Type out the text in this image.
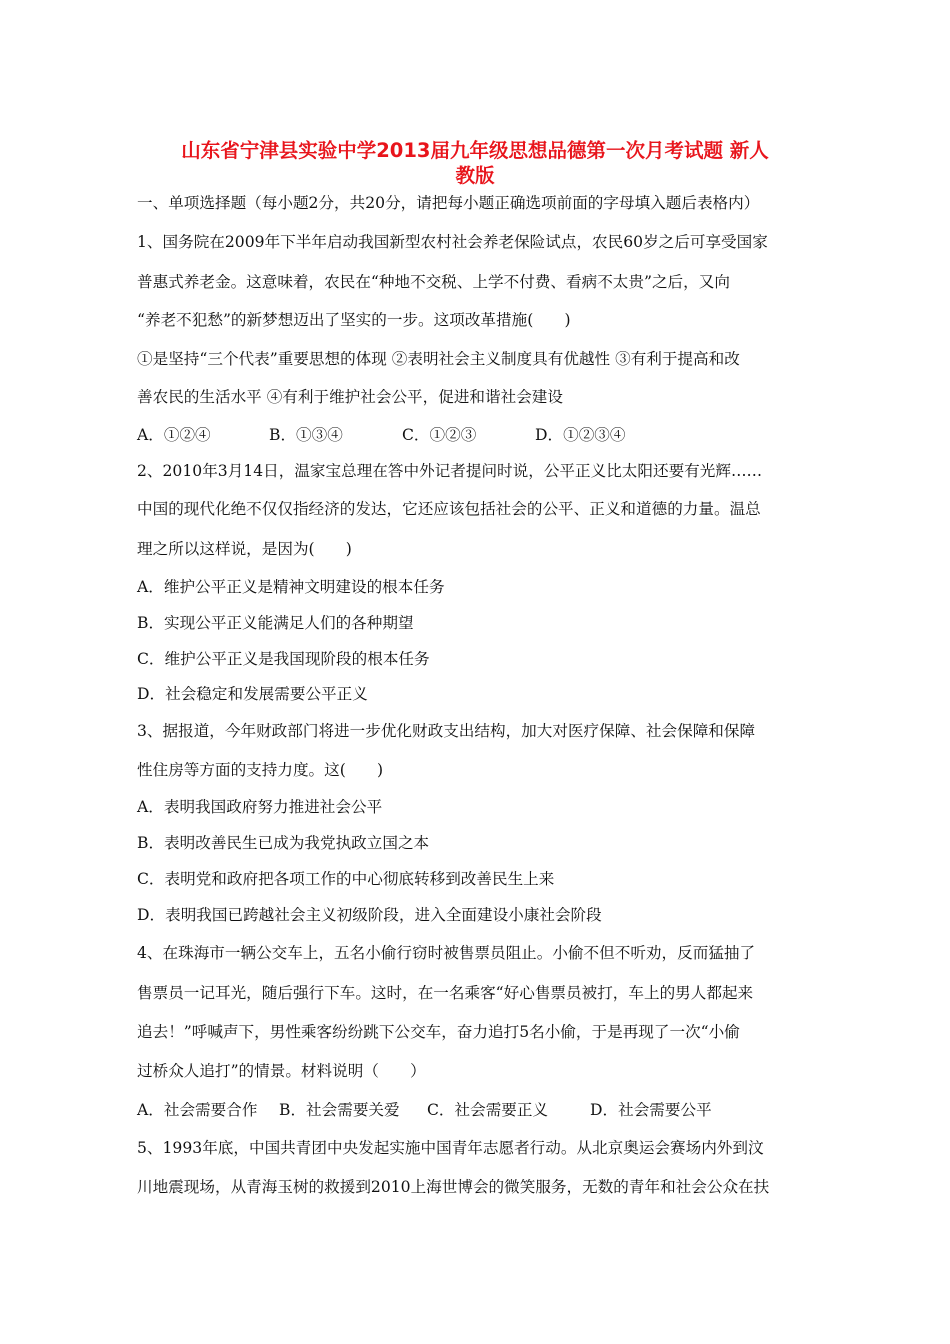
山东省宁津县实验中学2013届九年级思想品德第一次月考试题 新人
教版
一、单项选择题（每小题2分，共20分，请把每小题正确选项前面的字母填入题后表格内）
1、国务院在2009年下半年启动我国新型农村社会养老保险试点，农民60岁之后可享受国家
普惠式养老金。这意味着，农民在“种地不交税、上学不付费、看病不太贵”之后，又向
“养老不犯愁”的新梦想迈出了坚实的一步。这项改革措施(　　)
①是坚持“三个代表”重要思想的体现 ②表明社会主义制度具有优越性 ③有利于提高和改
善农民的生活水平 ④有利于维护社会公平，促进和谐社会建设
A．①②④	B．①③④	C．①②③	D．①②③④
2、2010年3月14日，温家宝总理在答中外记者提问时说，公平正义比太阳还要有光辉……
中国的现代化绝不仅仅指经济的发达，它还应该包括社会的公平、正义和道德的力量。温总
理之所以这样说，是因为(　　)
A．维护公平正义是精神文明建设的根本任务
B．实现公平正义能满足人们的各种期望
C．维护公平正义是我国现阶段的根本任务
D．社会稳定和发展需要公平正义
3、据报道，今年财政部门将进一步优化财政支出结构，加大对医疗保障、社会保障和保障
性住房等方面的支持力度。这(　　)
A．表明我国政府努力推进社会公平
B．表明改善民生已成为我党执政立国之本
C．表明党和政府把各项工作的中心彻底转移到改善民生上来
D．表明我国已跨越社会主义初级阶段，进入全面建设小康社会阶段
4、在珠海市一辆公交车上，五名小偷行窃时被售票员阻止。小偷不但不听劝，反而猛抽了
售票员一记耳光，随后强行下车。这时，在一名乘客“好心售票员被打，车上的男人都起来
追去！”呼喊声下，男性乘客纷纷跳下公交车，奋力追打5名小偷，于是再现了一次“小偷
过桥众人追打”的情景。材料说明（　　）
A．社会需要合作	B．社会需要关爱	C．社会需要正义	D．社会需要公平
5、1993年底，中国共青团中央发起实施中国青年志愿者行动。从北京奥运会赛场内外到汶
川地震现场，从青海玉树的救援到2010上海世博会的微笑服务，无数的青年和社会公众在扶
